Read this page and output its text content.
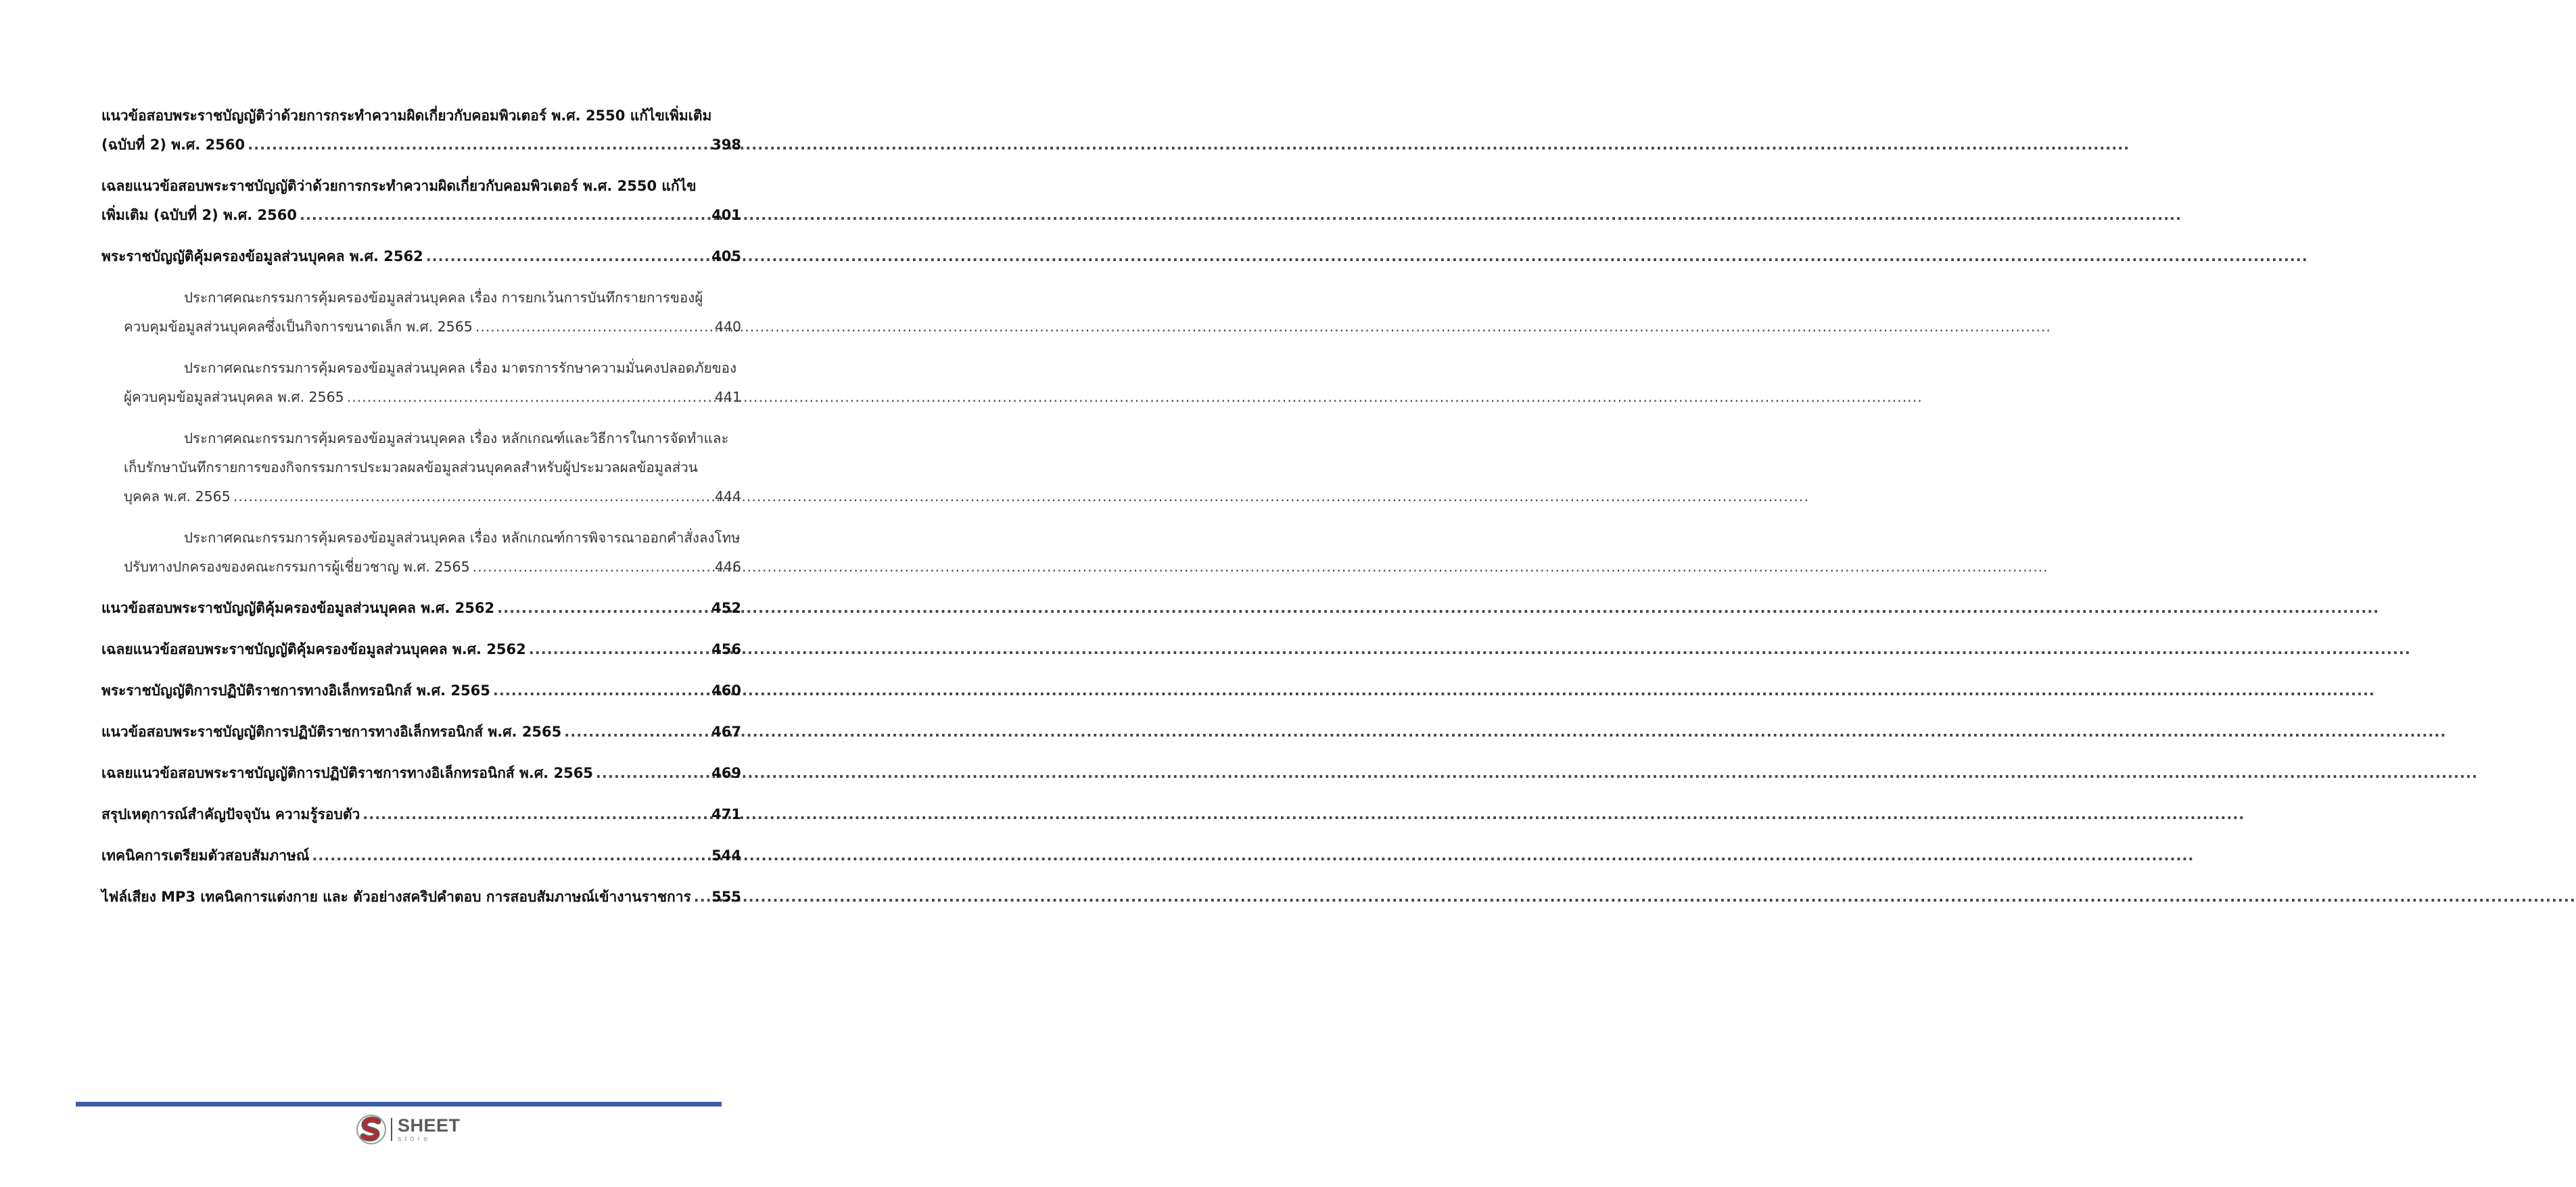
แนวข้อสอบพระราชบัญญัติว่าด้วยการกระทำความผิดเกี่ยวกับคอมพิวเตอร์ พ.ศ. 2550 แก้ไขเพิ่มเติม
(ฉบับที่ 2) พ.ศ. 2560 .....	398
เฉลยแนวข้อสอบพระราชบัญญัติว่าด้วยการกระทำความผิดเกี่ยวกับคอมพิวเตอร์ พ.ศ. 2550 แก้ไข
เพิ่มเติม (ฉบับที่ 2) พ.ศ. 2560 .....	401
พระราชบัญญัติคุ้มครองข้อมูลส่วนบุคคล พ.ศ. 2562 .....	405
ประกาศคณะกรรมการคุ้มครองข้อมูลส่วนบุคคล เรื่อง การยกเว้นการบันทึกรายการของผู้
ควบคุมข้อมูลส่วนบุคคลซึ่งเป็นกิจการขนาดเล็ก พ.ศ. 2565 .....	440
ประกาศคณะกรรมการคุ้มครองข้อมูลส่วนบุคคล เรื่อง มาตรการรักษาความมั่นคงปลอดภัยของ
ผู้ควบคุมข้อมูลส่วนบุคคล พ.ศ. 2565 .....	441
ประกาศคณะกรรมการคุ้มครองข้อมูลส่วนบุคคล เรื่อง หลักเกณฑ์และวิธีการในการจัดทำและ
เก็บรักษาบันทึกรายการของกิจกรรมการประมวลผลข้อมูลส่วนบุคคลสำหรับผู้ประมวลผลข้อมูลส่วน
บุคคล พ.ศ. 2565 .....	444
ประกาศคณะกรรมการคุ้มครองข้อมูลส่วนบุคคล เรื่อง หลักเกณฑ์การพิจารณาออกคำสั่งลงโทษ
ปรับทางปกครองของคณะกรรมการผู้เชี่ยวชาญ พ.ศ. 2565 .....	446
แนวข้อสอบพระราชบัญญัติคุ้มครองข้อมูลส่วนบุคคล พ.ศ. 2562 .....	452
เฉลยแนวข้อสอบพระราชบัญญัติคุ้มครองข้อมูลส่วนบุคคล พ.ศ. 2562 .....	456
พระราชบัญญัติการปฏิบัติราชการทางอิเล็กทรอนิกส์ พ.ศ. 2565 .....	460
แนวข้อสอบพระราชบัญญัติการปฏิบัติราชการทางอิเล็กทรอนิกส์ พ.ศ. 2565 .....	467
เฉลยแนวข้อสอบพระราชบัญญัติการปฏิบัติราชการทางอิเล็กทรอนิกส์ พ.ศ. 2565 .....	469
สรุปเหตุการณ์สำคัญปัจจุบัน ความรู้รอบตัว .....	471
เทคนิคการเตรียมตัวสอบสัมภาษณ์ .....	544
ไฟล์เสียง MP3 เทคนิคการแต่งกาย และ ตัวอย่างสคริปคำตอบ การสอบสัมภาษณ์เข้างานราชการ ..... 555
SHEET
store
